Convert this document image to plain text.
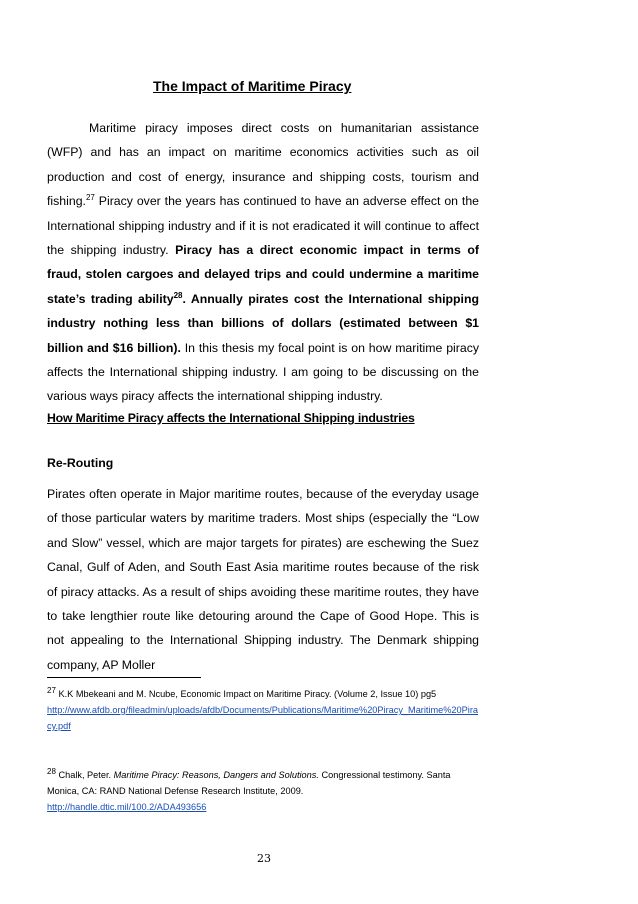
The Impact of Maritime Piracy

Maritime piracy imposes direct costs on humanitarian assistance (WFP) and has an impact on maritime economics activities such as oil production and cost of energy, insurance and shipping costs, tourism and fishing.$^{27}$ Piracy over the years has continued to have an adverse effect on the International shipping industry and if it is not eradicated it will continue to affect the shipping industry. Piracy has a direct economic impact in terms of fraud, stolen cargoes and delayed trips and could undermine a maritime state’s trading ability$^{28}$. Annually pirates cost the International shipping industry nothing less than billions of dollars (estimated between $1 billion and $16 billion). In this thesis my focal point is on how maritime piracy affects the International shipping industry. I am going to be discussing on the various ways piracy affects the international shipping industry.

How Maritime Piracy affects the International Shipping industries
Re-Routing

Pirates often operate in Major maritime routes, because of the everyday usage of those particular waters by maritime traders. Most ships (especially the “Low and Slow” vessel, which are major targets for pirates) are eschewing the Suez Canal, Gulf of Aden, and South East Asia maritime routes because of the risk of piracy attacks. As a result of ships avoiding these maritime routes, they have to take lengthier route like detouring around the Cape of Good Hope. This is not appealing to the International Shipping industry. The Denmark shipping company, AP Moller

$^{27}$ K.K Mbekeani and M. Ncube, Economic Impact on Maritime Piracy. (Volume 2, Issue 10) pg5
http://www.afdb.org/fileadmin/uploads/afdb/Documents/Publications/Maritime%20Piracy_Maritime%20Piracy.pdf

$^{28}$ Chalk, Peter. Maritime Piracy: Reasons, Dangers and Solutions. Congressional testimony. Santa Monica, CA: RAND National Defense Research Institute, 2009.
http://handle.dtic.mil/100.2/ADA493656

23
